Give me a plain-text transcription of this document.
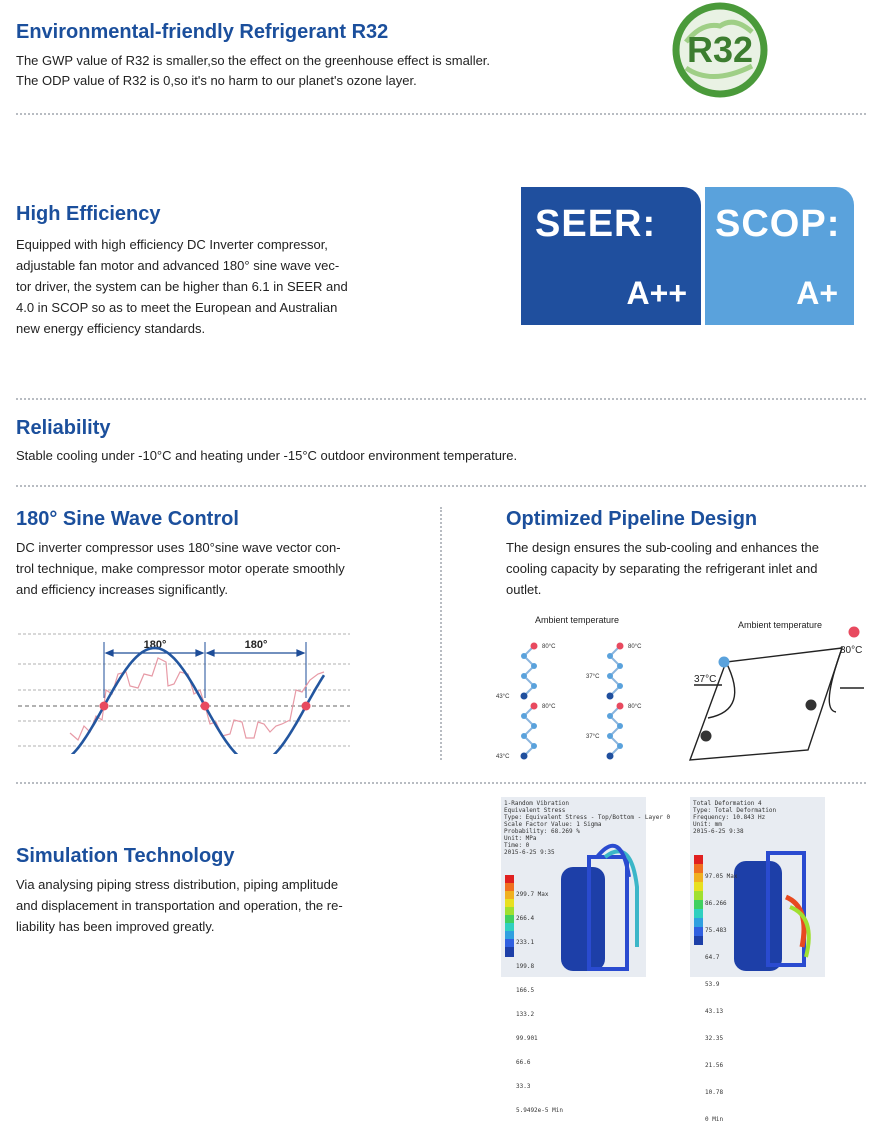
Environmental-friendly Refrigerant R32
The GWP value of R32 is smaller,so the effect on the greenhouse effect is smaller.
The ODP value of R32 is 0,so it's no harm to our planet's ozone layer.
R32
High Efficiency
Equipped with high efficiency DC Inverter compressor,
adjustable fan motor and advanced 180° sine wave vec-
tor driver, the system can be higher than 6.1 in SEER and
4.0 in SCOP so as to meet the European and Australian
new energy efficiency standards.
SEER:
A++
SCOP:
A+
Reliability
Stable cooling under -10°C and heating under -15°C outdoor environment temperature.
180° Sine Wave Control
DC inverter compressor uses 180°sine wave vector con-
trol technique, make compressor motor operate smoothly
and efficiency increases significantly.
180°	180°
Optimized Pipeline Design
The design ensures the sub-cooling and enhances the
cooling capacity by separating the refrigerant inlet and
outlet.
Ambient temperature
80°C
80°C
43°C
43°C
80°C
80°C
37°C
37°C
Ambient temperature
80°C
37°C
Simulation Technology
Via analysing piping stress distribution, piping amplitude
and displacement in transportation and operation, the re-
liability has been improved greatly.
1-Random Vibration
Equivalent Stress
Type: Equivalent Stress - Top/Bottom - Layer 0
Scale Factor Value: 1 Sigma
Probability: 68.269 %
Unit: MPa
Time: 0
2015-6-25 9:35

299.7 Max

266.4

233.1

199.8

166.5

133.2

99.901

66.6

33.3

5.9492e-5 Min

Total Deformation 4
Type: Total Deformation
Frequency: 10.843 Hz
Unit: mm
2015-6-25 9:38

97.05 Max

86.266

75.483

64.7

53.9

43.13

32.35

21.56

10.78

0 Min
